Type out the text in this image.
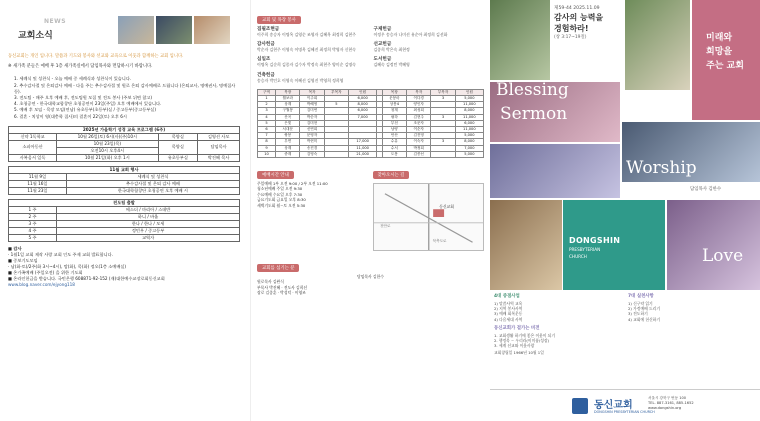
NEWS
교회소식
동신교회는 개인 입니다. 말씀과 기도와 봉사와 선교와 교육으로 이웃과 함께하는 교회 입니다.
※ 새가족 분들은 예배 후 1층 새가족실에서 담임목사와 면담하시기 바랍니다.
1. 세례식 및 성찬식 - 오늘 예배 중 세례식과 성찬식이 있습니다.
2. 추수감사절 및 은퇴감사 예배 - 다음 주는 추수감사절 및 원로 은퇴 감사예배로 드립니다 (은퇴교사, 명예권사, 명예집사 등).
3. 전도팀 - 매주 오후 예배 후, 전도팀원 모집 및 전도 봉사 (주보 뒤면 참고)
4. 초청공연 - 한국대학교합창단 초청공연이 23일(주일) 오후 예배에서 있습니다.
5. 예배 후 모임 - 목장 모임(연남) 유초등부(초등부)실 / 중고등부(중고등부실)
6. 결혼 - 치상이 영(대충학 집사)의 결혼이 22일(토) 오후 6시
2025년 가을학기 성경 교육 프로그램 (6주)			
신약 1독학교	10월 26일(토) 6시(사)(주)10시	목양실	김영선 사모
소피아동산	10월 23일(목)	목양실	담임목사
	오전10시 오후4시		
사복음서 일독	10월 21일(화) 오후 1시	유초등부실	박진혜 목사
11월 교회 행사	
11월 9일	세례식 및 성찬식
11월 16일	추수감사절 및 은퇴 감사 예배
11월 23일	한국대학합창단 초청공연 오후 예배 시
전도팀 출발	
1 주	에스더 / 마리아 / 스데반
2 주	하니 / 바울
3 주	한나 / 한나 / 모세
4 주	정민우 / 중고등부
5 주	교역자
■ 감사
· 1월1일 교회 제작 사랑 교회 인도 주제 교회 발표합니다.
■ 중보기도모임
· 남(화·토)/2주(화 3시~4시), 맘(화), 목(화) 정오(1층 소예배실)
■ 온가족예배 (주일오전) 을 위한 기도회
■ 온라인헌금을 받습니다. 국민은행 608871-92-152 (재)대한예수교장로회동신교회
www.blog.naver.com/ejyong118
교회 및 목장 봉사
집필조현금
이주희 송승자 이명옥 김영순 조영자 김혜옥 최정희 김현주
감사헌금
박순자 김현주 이영숙 이명옥 김혜진 최정희 박영자 신현숙
십일조
이명옥 김순희 김종자 김수자 박정숙 최현주 양미순 김명숙
건축헌금
송승자 박인호 이영숙 이혜선 김영진 박영희 정희영
구제헌금
이정우 송승자 나미선 유순아 최정희 김선화
선교헌금
김종희 박은숙 최현정
도서헌금
김혜숙 김정민 박혜영
구역	목장	목자	부목자	인원		목장	목자	부목자	인원
1	월보라	이주희		6,000		운봉마	이다경	3	5,000
2	상계	박혜영	5	8,000		상봉4	양인자		11,000
3	구월봉	김미연		6,000		청계	최성희		8,000
4	산곡	박순자		7,000		필하	김현주	3	11,000
5	은빛	김미현				부천	조문자		6,000
6	서대문	신연희				남양	이순자		11,000
7	쌍봉	문영자				안산	김진영		5,000
8	우면	박현미		17,000		수유	이숙자	3	8,000
9	상계	송진경		11,000		수서	박정희		7,000
10	중계	김영숙		21,000		도봉	김종선		5,000
예배시간 안내
주일예배 1부 오전 9:00 / 2부 오전 11:00
청소년예배 주일 오전 9:30
수요예배 수요일 오후 7:30
금요기도회 금요일 오후 8:30
새벽기도회 월~토 오전 5:30
찾아오시는 길
동신교회
천안로
북측도로
교회를 섬기는 분
담임목사 김한수
원로목사 김완식
부목사 박진혜 · 전도사 김희선
장로 김종훈 · 박성덕 · 이영조
제59-44 2025.11.09
감사의 능력을
경험하라!
(창 3:17~19절)	미래와
희망을
주는 교회
Blessing
Sermon
Worship
Love
DONGSHIN
PRESBYTERIAN
CHURCH
담임목사 김한수
4대 중점사업
1) 말씀사역 교육
2) 지역 봉사사역
3) 예배 회복운동
4) 다음세대 사역
7대 실천사항
1) 신구약 읽기
2) 가정예배 드리기
3) 전도하기
4) 교회에 헌신하기
동신교회가 걸가는 비전
1. 교회생활 하기에 좋은 이웃이 되기
2. 행정목 ~ 우리라(이미품/성장)
3. 세계 선교와 이웃사랑
교회창립일 1966년 10월 1일
동신교회
DONGSHIN PRESBYTERIAN CHURCH
서울시 강북구 번동 100
TEL. 887-3161, 885-1652
www.dongshin.org
